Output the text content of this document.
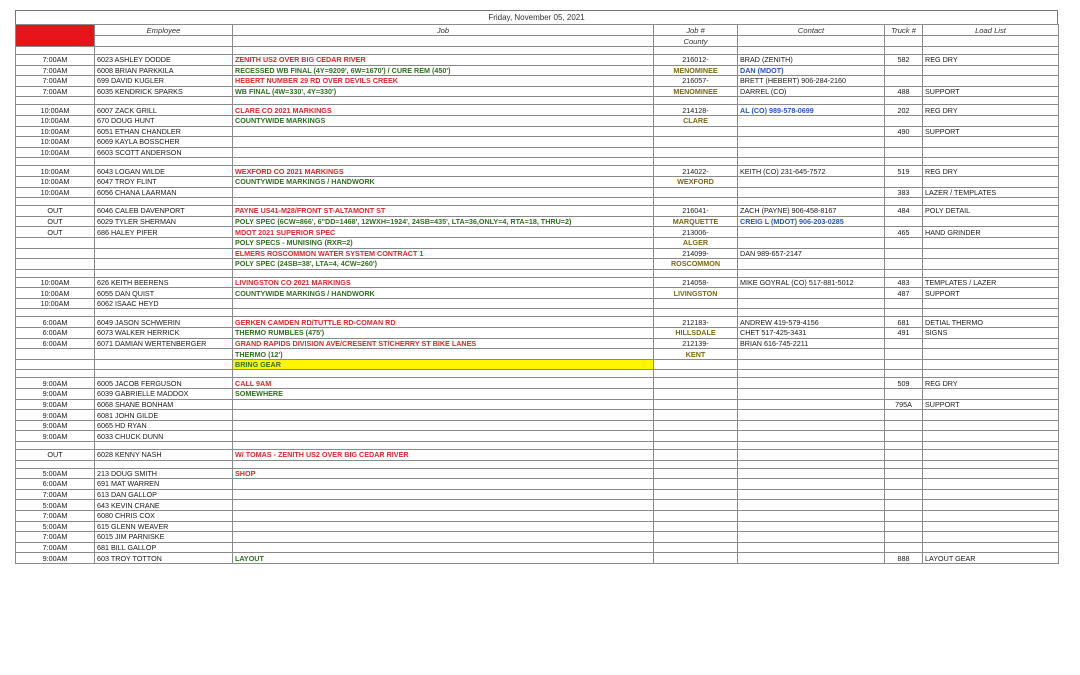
Friday, November 05, 2021
Time	Employee	Job	Job #	Contact	Truck #	Load List
			County			

7:00AM	6023 ASHLEY DODDE	ZENITH US2 OVER BIG CEDAR RIVER	216012-	BRAD (ZENITH)	582	REG DRY
7:00AM	6008 BRIAN PARKKILA	RECESSED WB FINAL (4Y=9209', 6W=1670') / CURE REM (450')	MENOMINEE	DAN (MDOT)		
7:00AM	699 DAVID KUGLER	HEBERT NUMBER 29 RD OVER DEVILS CREEK	216057-	BRETT (HEBERT) 906-284-2160		
7:00AM	6035 KENDRICK SPARKS	WB FINAL (4W=330', 4Y=330')	MENOMINEE	DARREL (CO)	488	SUPPORT

10:00AM	6007 ZACK GRILL	CLARE CO 2021 MARKINGS	214128-	AL (CO) 989-578-0699	202	REG DRY
10:00AM	670 DOUG HUNT	COUNTYWIDE MARKINGS	CLARE			
10:00AM	6051 ETHAN CHANDLER				490	SUPPORT
10:00AM	6069 KAYLA BOSSCHER					
10:00AM	6603 SCOTT ANDERSON					

10:00AM	6043 LOGAN WILDE	WEXFORD CO 2021 MARKINGS	214022-	KEITH (CO) 231-645-7572	519	REG DRY
10:00AM	6047 TROY FLINT	COUNTYWIDE MARKINGS / HANDWORK	WEXFORD			
10:00AM	6056 CHANA LAARMAN				383	LAZER / TEMPLATES

OUT	6046 CALEB DAVENPORT	PAYNE US41-M28/FRONT ST-ALTAMONT ST	216041-	ZACH (PAYNE) 906-458-8167	484	POLY DETAIL
OUT	6029 TYLER SHERMAN	POLY SPEC (6CW=866', 6"DD=1468', 12WXH=1924', 24SB=435', LTA=36,ONLY=4, RTA=18, THRU=2)	MARQUETTE	CREIG L (MDOT) 906-203-0285		
OUT	686 HALEY PIFER	MDOT 2021 SUPERIOR SPEC	213006-		465	HAND GRINDER
		POLY SPECS - MUNISING (RXR=2)	ALGER			
		ELMERS ROSCOMMON WATER SYSTEM CONTRACT 1	214099-	DAN 989-657-2147		
		POLY SPEC (24SB=38', LTA=4, 4CW=260')	ROSCOMMON			

10:00AM	626 KEITH BEERENS	LIVINGSTON CO 2021 MARKINGS	214058-	MIKE GOYRAL (CO) 517-881-5012	483	TEMPLATES / LAZER
10:00AM	6055 DAN QUIST	COUNTYWIDE MARKINGS / HANDWORK	LIVINGSTON		487	SUPPORT
10:00AM	6062 ISAAC HEYD					

6:00AM	6049 JASON SCHWERIN	GERKEN CAMDEN RD/TUTTLE RD-COMAN RD	212183-	ANDREW 419-579-4156	681	DETIAL THERMO
6:00AM	6073 WALKER HERRICK	THERMO RUMBLES (475')	HILLSDALE	CHET 517-425-3431	491	SIGNS
6:00AM	6071 DAMIAN WERTENBERGER	GRAND RAPIDS DIVISION AVE/CRESENT ST/CHERRY ST BIKE LANES	212139-	BRIAN 616-745-2211		
		THERMO (12')	KENT			
		BRING GEAR				

9:00AM	6005 JACOB FERGUSON	CALL 9AM			509	REG DRY
9:00AM	6039 GABRIELLE MADDOX	SOMEWHERE				
9:00AM	6068 SHANE BONHAM				795A	SUPPORT
9:00AM	6081 JOHN GILDE					
9:00AM	6065 HD RYAN					
9:00AM	6033 CHUCK DUNN					

OUT	6028 KENNY NASH	W/ TOMAS - ZENITH US2 OVER BIG CEDAR RIVER				

5:00AM	213 DOUG SMITH	SHOP				
6:00AM	691 MAT WARREN					
7:00AM	613 DAN GALLOP					
5:00AM	643 KEVIN CRANE					
7:00AM	6080 CHRIS COX					
5:00AM	615 GLENN WEAVER					
7:00AM	6015 JIM PARNISKE					
7:00AM	681 BILL GALLOP					
9:00AM	603 TROY TOTTON	LAYOUT			888	LAYOUT GEAR
